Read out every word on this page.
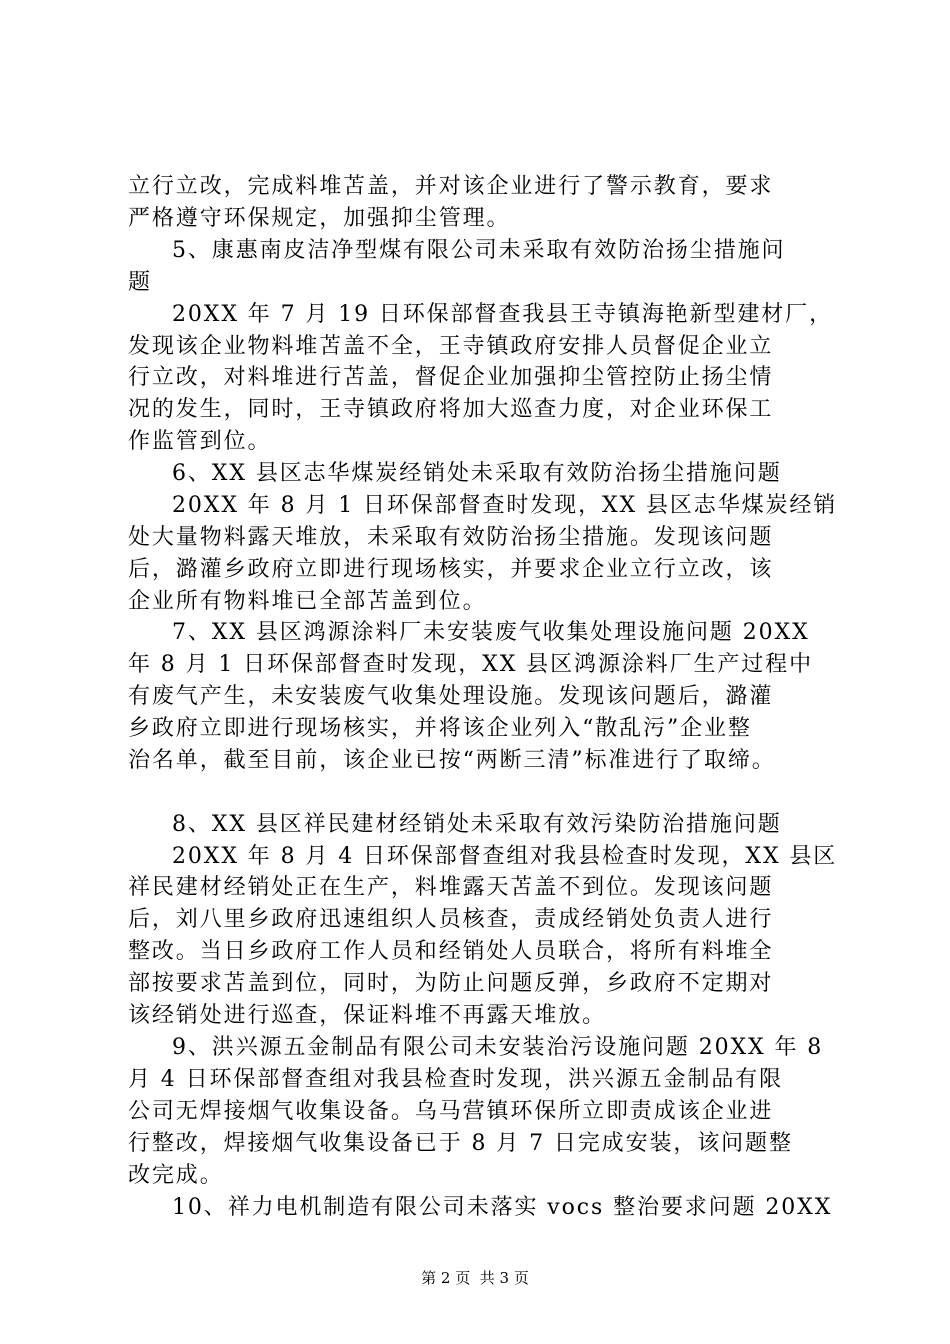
立行立改，完成料堆苫盖，并对该企业进行了警示教育，要求
严格遵守环保规定，加强抑尘管理。
5、康惠南皮洁净型煤有限公司未采取有效防治扬尘措施问
题
20XX 年 7 月 19 日环保部督查我县王寺镇海艳新型建材厂，
发现该企业物料堆苫盖不全，王寺镇政府安排人员督促企业立
行立改，对料堆进行苫盖，督促企业加强抑尘管控防止扬尘情
况的发生，同时，王寺镇政府将加大巡查力度，对企业环保工
作监管到位。
6、XX 县区志华煤炭经销处未采取有效防治扬尘措施问题
20XX 年 8 月 1 日环保部督查时发现，XX 县区志华煤炭经销
处大量物料露天堆放，未采取有效防治扬尘措施。发现该问题
后，潞灌乡政府立即进行现场核实，并要求企业立行立改，该
企业所有物料堆已全部苫盖到位。
7、XX 县区鸿源涂料厂未安装废气收集处理设施问题 20XX
年 8 月 1 日环保部督查时发现，XX 县区鸿源涂料厂生产过程中
有废气产生，未安装废气收集处理设施。发现该问题后，潞灌
乡政府立即进行现场核实，并将该企业列入“散乱污”企业整
治名单，截至目前，该企业已按“两断三清”标准进行了取缔。
8、XX 县区祥民建材经销处未采取有效污染防治措施问题
20XX 年 8 月 4 日环保部督查组对我县检查时发现，XX 县区
祥民建材经销处正在生产，料堆露天苫盖不到位。发现该问题
后，刘八里乡政府迅速组织人员核查，责成经销处负责人进行
整改。当日乡政府工作人员和经销处人员联合，将所有料堆全
部按要求苫盖到位，同时，为防止问题反弹，乡政府不定期对
该经销处进行巡查，保证料堆不再露天堆放。
9、洪兴源五金制品有限公司未安装治污设施问题 20XX 年 8
月 4 日环保部督查组对我县检查时发现，洪兴源五金制品有限
公司无焊接烟气收集设备。乌马营镇环保所立即责成该企业进
行整改，焊接烟气收集设备已于 8 月 7 日完成安装，该问题整
改完成。
10、祥力电机制造有限公司未落实 vocs 整治要求问题 20XX
第 2 页  共 3 页
